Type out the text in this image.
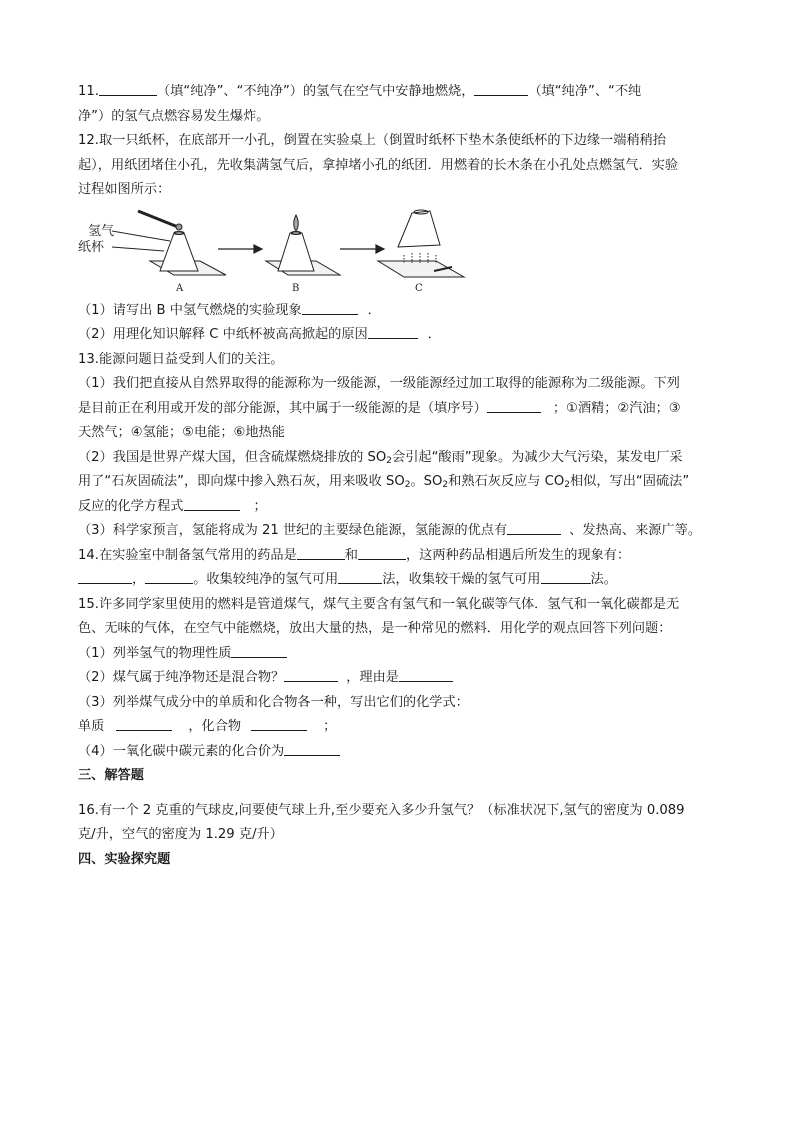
11.	（填“纯净”、“不纯净”）的氢气在空气中安静地燃烧，	（填“纯净”、“不纯
净”）的氢气点燃容易发生爆炸。
12.取一只纸杯，在底部开一小孔，倒置在实验桌上（倒置时纸杯下垫木条使纸杯的下边缘一端稍稍抬
起），用纸团堵住小孔，先收集满氢气后，拿掉堵小孔的纸团．用燃着的长木条在小孔处点燃氢气．实验
过程如图所示：
氢气
纸杯
A	B	C
（1）请写出 B 中氢气燃烧的实验现象	．
（2）用理化知识解释 C 中纸杯被高高掀起的原因	．
13.能源问题日益受到人们的关注。
（1）我们把直接从自然界取得的能源称为一级能源，一级能源经过加工取得的能源称为二级能源。下列
是目前正在利用或开发的部分能源，其中属于一级能源的是（填序号）	；①酒精；②汽油；③
天然气；④氢能；⑤电能；⑥地热能
（2）我国是世界产煤大国，但含硫煤燃烧排放的 $SO_2$会引起“酸雨”现象。为减少大气污染，某发电厂采
用了“石灰固硫法”，即向煤中掺入熟石灰，用来吸收 $SO_2$。$SO_2$和熟石灰反应与 $CO_2$相似，写出“固硫法”
反应的化学方程式	；
（3）科学家预言，氢能将成为 21 世纪的主要绿色能源，氢能源的优点有	、发热高、来源广等。
14.在实验室中制备氢气常用的药品是	和	，这两种药品相遇后所发生的现象有：
，	。收集较纯净的氢气可用	法，收集较干燥的氢气可用	法。
15.许多同学家里使用的燃料是管道煤气，煤气主要含有氢气和一氧化碳等气体．氢气和一氧化碳都是无
色、无味的气体，在空气中能燃烧，放出大量的热，是一种常见的燃料．用化学的观点回答下列问题：
（1）列举氢气的物理性质
（2）煤气属于纯净物还是混合物？	，理由是
（3）列举煤气成分中的单质和化合物各一种，写出它们的化学式：
单质	，化合物	；
（4）一氧化碳中碳元素的化合价为
三、解答题
16.有一个 2 克重的气球皮,问要使气球上升,至少要充入多少升氢气？（标准状况下,氢气的密度为 0.089
克/升，空气的密度为 1.29 克/升）
四、实验探究题
